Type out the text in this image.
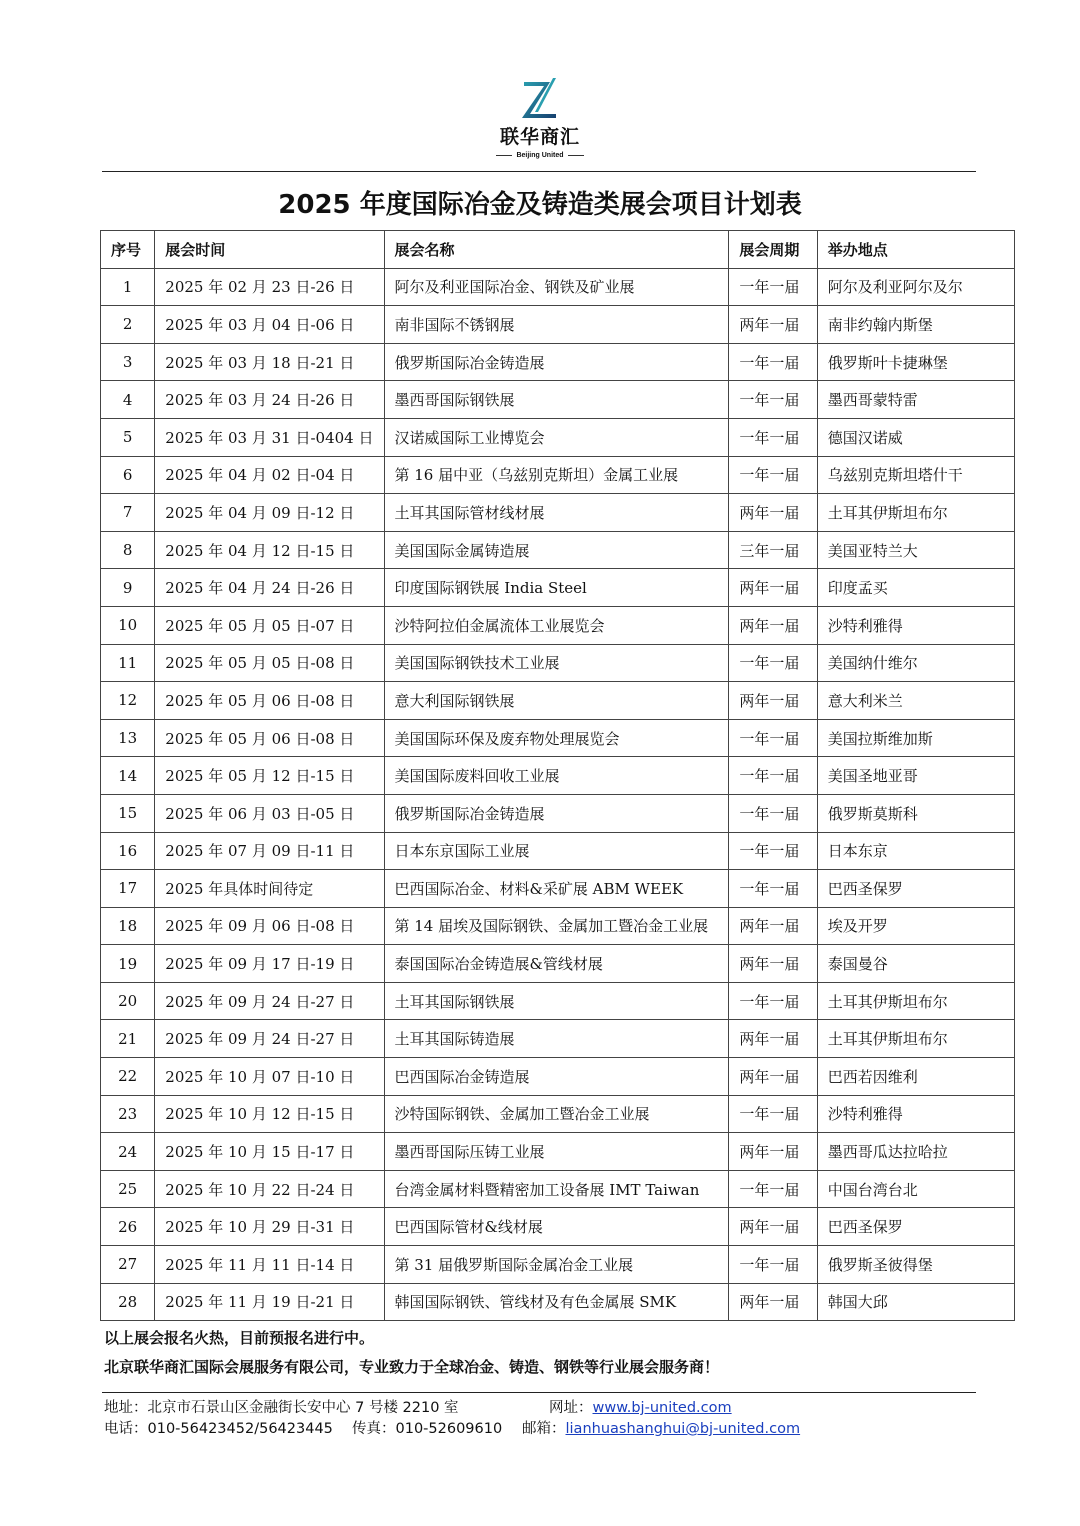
联华商汇
Beijing United
2025 年度国际冶金及铸造类展会项目计划表
序号	展会时间	展会名称	展会周期	举办地点
1	2025 年 02 月 23 日-26 日	阿尔及利亚国际冶金、钢铁及矿业展	一年一届	阿尔及利亚阿尔及尔
2	2025 年 03 月 04 日-06 日	南非国际不锈钢展	两年一届	南非约翰内斯堡
3	2025 年 03 月 18 日-21 日	俄罗斯国际冶金铸造展	一年一届	俄罗斯叶卡捷琳堡
4	2025 年 03 月 24 日-26 日	墨西哥国际钢铁展	一年一届	墨西哥蒙特雷
5	2025 年 03 月 31 日-0404 日	汉诺威国际工业博览会	一年一届	德国汉诺威
6	2025 年 04 月 02 日-04 日	第 16 届中亚（乌兹别克斯坦）金属工业展	一年一届	乌兹别克斯坦塔什干
7	2025 年 04 月 09 日-12 日	土耳其国际管材线材展	两年一届	土耳其伊斯坦布尔
8	2025 年 04 月 12 日-15 日	美国国际金属铸造展	三年一届	美国亚特兰大
9	2025 年 04 月 24 日-26 日	印度国际钢铁展 India Steel	两年一届	印度孟买
10	2025 年 05 月 05 日-07 日	沙特阿拉伯金属流体工业展览会	两年一届	沙特利雅得
11	2025 年 05 月 05 日-08 日	美国国际钢铁技术工业展	一年一届	美国纳什维尔
12	2025 年 05 月 06 日-08 日	意大利国际钢铁展	两年一届	意大利米兰
13	2025 年 05 月 06 日-08 日	美国国际环保及废弃物处理展览会	一年一届	美国拉斯维加斯
14	2025 年 05 月 12 日-15 日	美国国际废料回收工业展	一年一届	美国圣地亚哥
15	2025 年 06 月 03 日-05 日	俄罗斯国际冶金铸造展	一年一届	俄罗斯莫斯科
16	2025 年 07 月 09 日-11 日	日本东京国际工业展	一年一届	日本东京
17	2025 年具体时间待定	巴西国际冶金、材料&采矿展 ABM WEEK	一年一届	巴西圣保罗
18	2025 年 09 月 06 日-08 日	第 14 届埃及国际钢铁、金属加工暨冶金工业展	两年一届	埃及开罗
19	2025 年 09 月 17 日-19 日	泰国国际冶金铸造展&管线材展	两年一届	泰国曼谷
20	2025 年 09 月 24 日-27 日	土耳其国际钢铁展	一年一届	土耳其伊斯坦布尔
21	2025 年 09 月 24 日-27 日	土耳其国际铸造展	两年一届	土耳其伊斯坦布尔
22	2025 年 10 月 07 日-10 日	巴西国际冶金铸造展	两年一届	巴西若因维利
23	2025 年 10 月 12 日-15 日	沙特国际钢铁、金属加工暨冶金工业展	一年一届	沙特利雅得
24	2025 年 10 月 15 日-17 日	墨西哥国际压铸工业展	两年一届	墨西哥瓜达拉哈拉
25	2025 年 10 月 22 日-24 日	台湾金属材料暨精密加工设备展 IMT Taiwan	一年一届	中国台湾台北
26	2025 年 10 月 29 日-31 日	巴西国际管材&线材展	两年一届	巴西圣保罗
27	2025 年 11 月 11 日-14 日	第 31 届俄罗斯国际金属冶金工业展	一年一届	俄罗斯圣彼得堡
28	2025 年 11 月 19 日-21 日	韩国国际钢铁、管线材及有色金属展 SMK	两年一届	韩国大邱
以上展会报名火热，目前预报名进行中。
北京联华商汇国际会展服务有限公司，专业致力于全球冶金、铸造、钢铁等行业展会服务商！
地址：北京市石景山区金融街长安中心 7 号楼 2210 室	网址：www.bj-united.com
电话：010-56423452/56423445 传真：010-52609610 邮箱：lianhuashanghui@bj-united.com
